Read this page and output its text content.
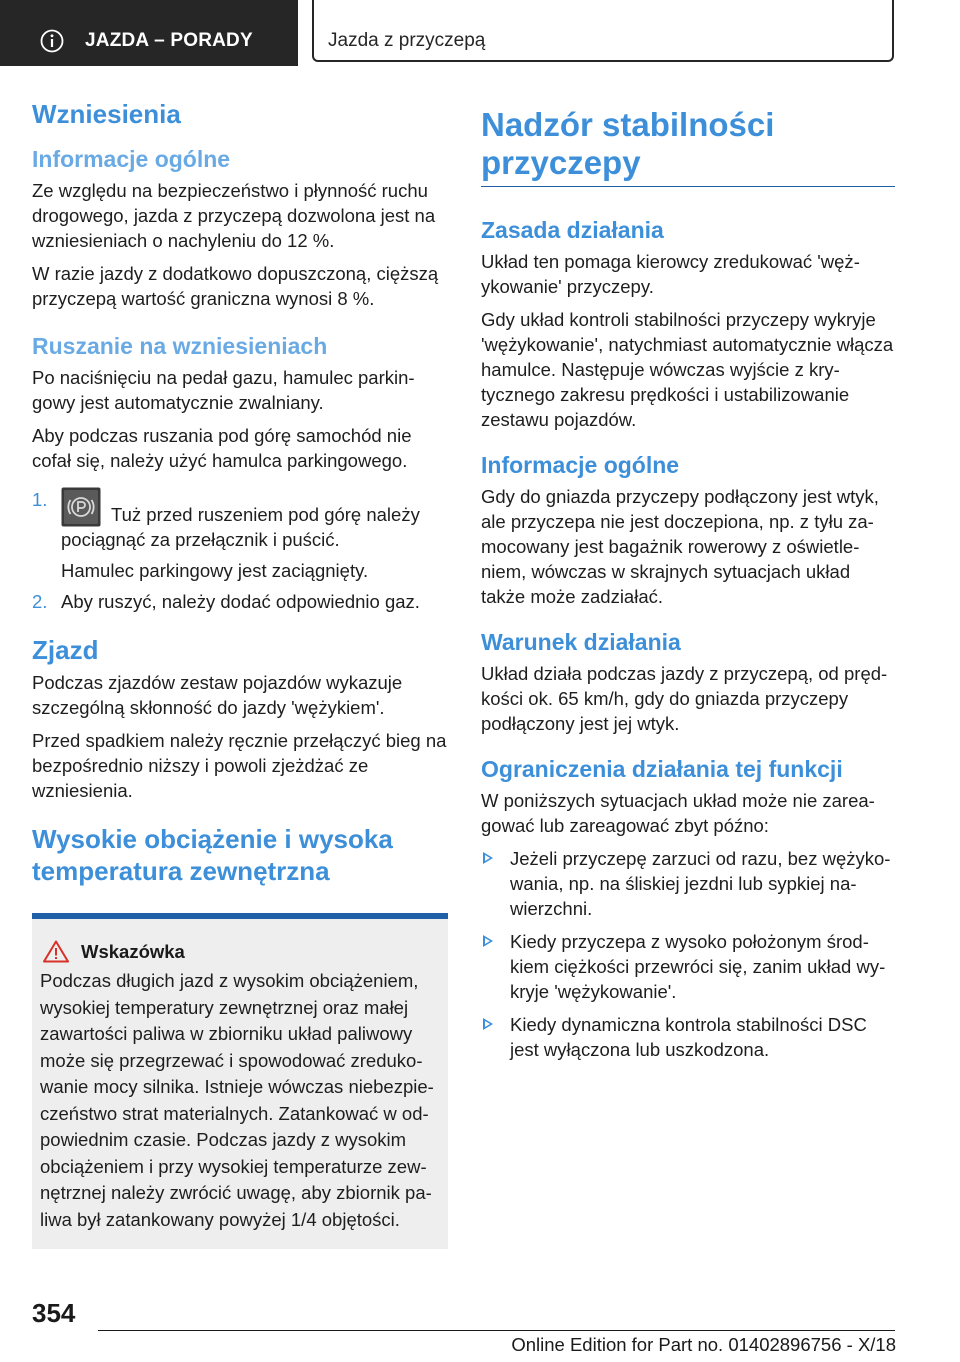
JAZDA – PORADY	Jazda z przyczepą
Wzniesienia
Informacje ogólne

Ze względu na bezpieczeństwo i płynność ruchu drogowego, jazda z przyczepą dozwolona jest na wzniesieniach o nachyleniu do 12 %.

W razie jazdy z dodatkowo dopuszczoną, cięższą przyczepą wartość graniczna wynosi 8 %.

Ruszanie na wzniesieniach

Po naciśnięciu na pedał gazu, hamulec parkingowy jest automatycznie zwalniany.

Aby podczas ruszania pod górę samochód nie cofał się, należy użyć hamulca parkingowego.

1.

Tuż przed ruszeniem pod górę należy pociągnąć za przełącznik i puścić.

Hamulec parkingowy jest zaciągnięty.

2. Aby ruszyć, należy dodać odpowiednio gaz.

Zjazd

Podczas zjazdów zestaw pojazdów wykazuje szczególną skłonność do jazdy 'wężykiem'.

Przed spadkiem należy ręcznie przełączyć bieg na bezpośrednio niższy i powoli zjeżdżać ze wzniesienia.

Wysokie obciążenie i wysoka temperatura zewnętrzna
Wskazówka

Podczas długich jazd z wysokim obciążeniem, wysokiej temperatury zewnętrznej oraz małej zawartości paliwa w zbiorniku układ paliwowy może się przegrzewać i spowodować zredukowanie mocy silnika. Istnieje wówczas niebezpieczeństwo strat materialnych. Zatankować w odpowiednim czasie. Podczas jazdy z wysokim obciążeniem i przy wysokiej temperaturze zewnętrznej należy zwrócić uwagę, aby zbiornik paliwa był zatankowany powyżej 1/4 objętości.

Nadzór stabilności przyczepy
Zasada działania

Układ ten pomaga kierowcy zredukować 'wężykowanie' przyczepy.

Gdy układ kontroli stabilności przyczepy wykryje 'wężykowanie', natychmiast automatycznie włącza hamulce. Następuje wówczas wyjście z krytycznego zakresu prędkości i ustabilizowanie zestawu pojazdów.

Informacje ogólne

Gdy do gniazda przyczepy podłączony jest wtyk, ale przyczepa nie jest doczepiona, np. z tyłu zamocowany jest bagażnik rowerowy z oświetleniem, wówczas w skrajnych sytuacjach układ także może zadziałać.

Warunek działania

Układ działa podczas jazdy z przyczepą, od prędkości ok. 65 km/h, gdy do gniazda przyczepy podłączony jest jej wtyk.

Ograniczenia działania tej funkcji

W poniższych sytuacjach układ może nie zareagować lub zareagować zbyt późno:

Jeżeli przyczepę zarzuci od razu, bez wężykowania, np. na śliskiej jezdni lub sypkiej nawierzchni.

Kiedy przyczepa z wysoko położonym środkiem ciężkości przewróci się, zanim układ wykryje 'wężykowanie'.

Kiedy dynamiczna kontrola stabilności DSC jest wyłączona lub uszkodzona.

354
Online Edition for Part no. 01402896756 - X/18
